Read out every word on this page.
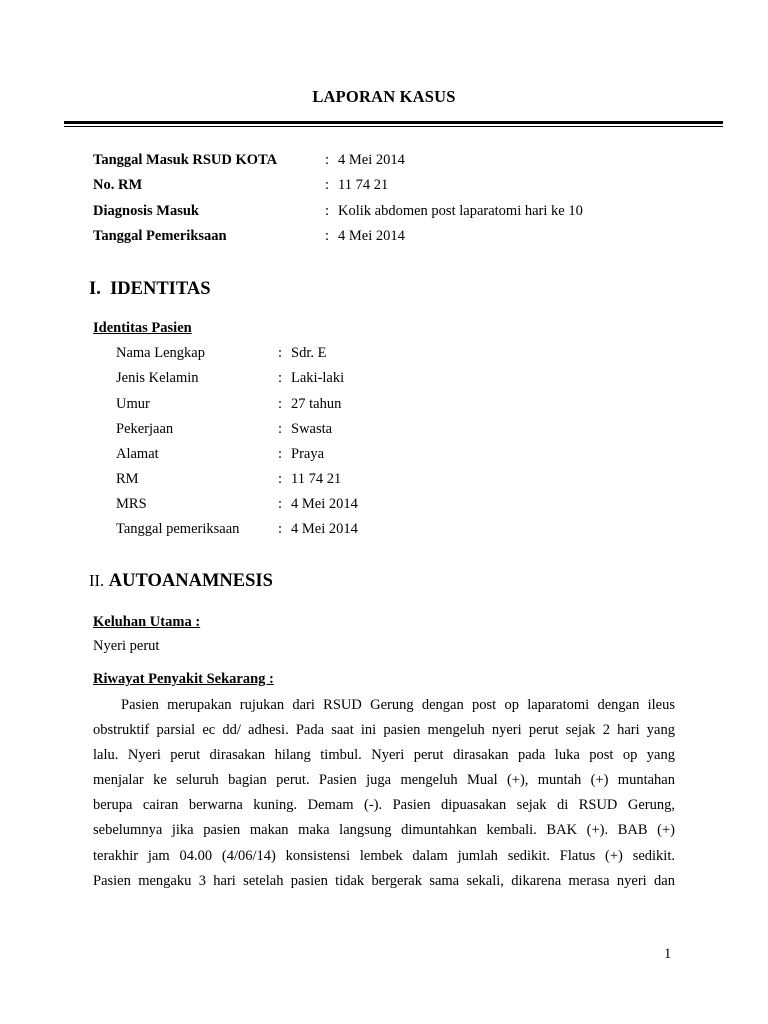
LAPORAN KASUS
Tanggal Masuk RSUD KOTA	: 4 Mei 2014
No. RM	: 11 74 21
Diagnosis Masuk	: Kolik abdomen post laparatomi hari ke 10
Tanggal Pemeriksaan	: 4 Mei 2014
I. IDENTITAS
Identitas Pasien
Nama Lengkap	: Sdr. E
Jenis Kelamin	: Laki-laki
Umur	: 27 tahun
Pekerjaan	: Swasta
Alamat	: Praya
RM	: 11 74 21
MRS	: 4 Mei 2014
Tanggal pemeriksaan	: 4 Mei 2014
II. AUTOANAMNESIS
Keluhan Utama :
Nyeri perut
Riwayat Penyakit Sekarang :
Pasien merupakan rujukan dari RSUD Gerung dengan post op laparatomi dengan ileus
obstruktif parsial ec dd/ adhesi. Pada saat ini pasien mengeluh nyeri perut sejak 2 hari yang
lalu. Nyeri perut dirasakan hilang timbul. Nyeri perut dirasakan pada luka post op yang
menjalar ke seluruh bagian perut. Pasien juga mengeluh Mual (+), muntah (+) muntahan
berupa cairan berwarna kuning. Demam (-). Pasien dipuasakan sejak di RSUD Gerung,
sebelumnya jika pasien makan maka langsung dimuntahkan kembali. BAK (+). BAB (+)
terakhir jam 04.00 (4/06/14) konsistensi lembek dalam jumlah sedikit. Flatus (+) sedikit.
Pasien mengaku 3 hari setelah pasien tidak bergerak sama sekali, dikarena merasa nyeri dan
1
